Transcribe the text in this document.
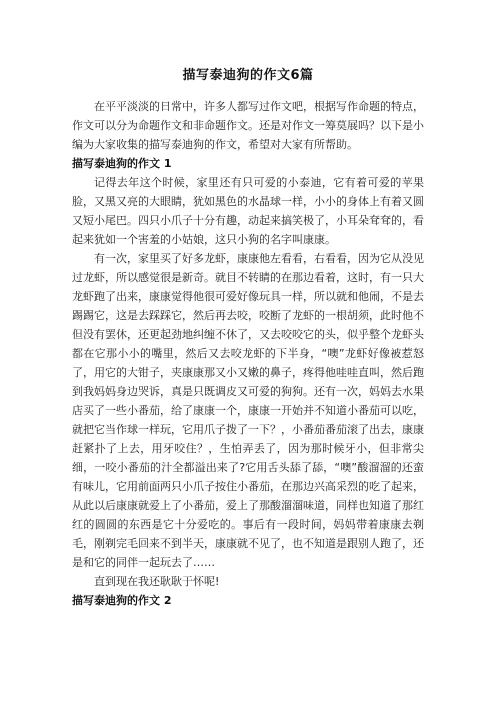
描写泰迪狗的作文6篇

在平平淡淡的日常中，许多人都写过作文吧，根据写作命题的特点，作文可以分为命题作文和非命题作文。还是对作文一筹莫展吗？以下是小编为大家收集的描写泰迪狗的作文，希望对大家有所帮助。

描写泰迪狗的作文 1

记得去年这个时候，家里还有只可爱的小泰迪，它有着可爱的苹果脸，又黑又亮的大眼睛，犹如黑色的水晶球一样，小小的身体上有着又圆又短小尾巴。四只小爪子十分有趣，动起来搞笑极了，小耳朵耷耷的，看起来犹如一个害羞的小姑娘，这只小狗的名字叫康康。

有一次，家里买了好多龙虾，康康他左看看，右看看，因为它从没见过龙虾，所以感觉很是新奇。就目不转睛的在那边看着，这时，有一只大龙虾跑了出来，康康觉得他很可爱好像玩具一样，所以就和他闹，不是去踢踢它，这是去踩踩它，然后再去咬，咬断了龙虾的一根胡须，此时他不但没有罢休，还更起劲地纠缠不休了，又去咬咬它的头，似乎整个龙虾头都在它那小小的嘴里，然后又去咬龙虾的下半身，“噢”龙虾好像被惹怒了，用它的大钳子，夹康康那又小又嫩的鼻子，疼得他哇哇直叫，然后跑到我妈妈身边哭诉，真是只既调皮又可爱的狗狗。还有一次，妈妈去水果店买了一些小番茄，给了康康一个，康康一开始并不知道小番茄可以吃，就把它当作球一样玩，它用爪子拨了一下？，小番茄番茄滚了出去，康康赶紧扑了上去，用牙咬住？，生怕弄丢了，因为那时候牙小，但非常尖细，一咬小番茄的汁全都溢出来了?它用舌头舔了舔，“噢”酸溜溜的还蛮有味儿，它用前面两只小爪子按住小番茄，在那边兴高采烈的吃了起来，从此以后康康就爱上了小番茄，爱上了那酸溜溜味道，同样也知道了那红红的圆圆的东西是它十分爱吃的。事后有一段时间，妈妈带着康康去剃毛，刚剃完毛回来不到半天，康康就不见了，也不知道是跟别人跑了，还是和它的同伴一起玩去了……

直到现在我还耿耿于怀呢!

描写泰迪狗的作文 2
